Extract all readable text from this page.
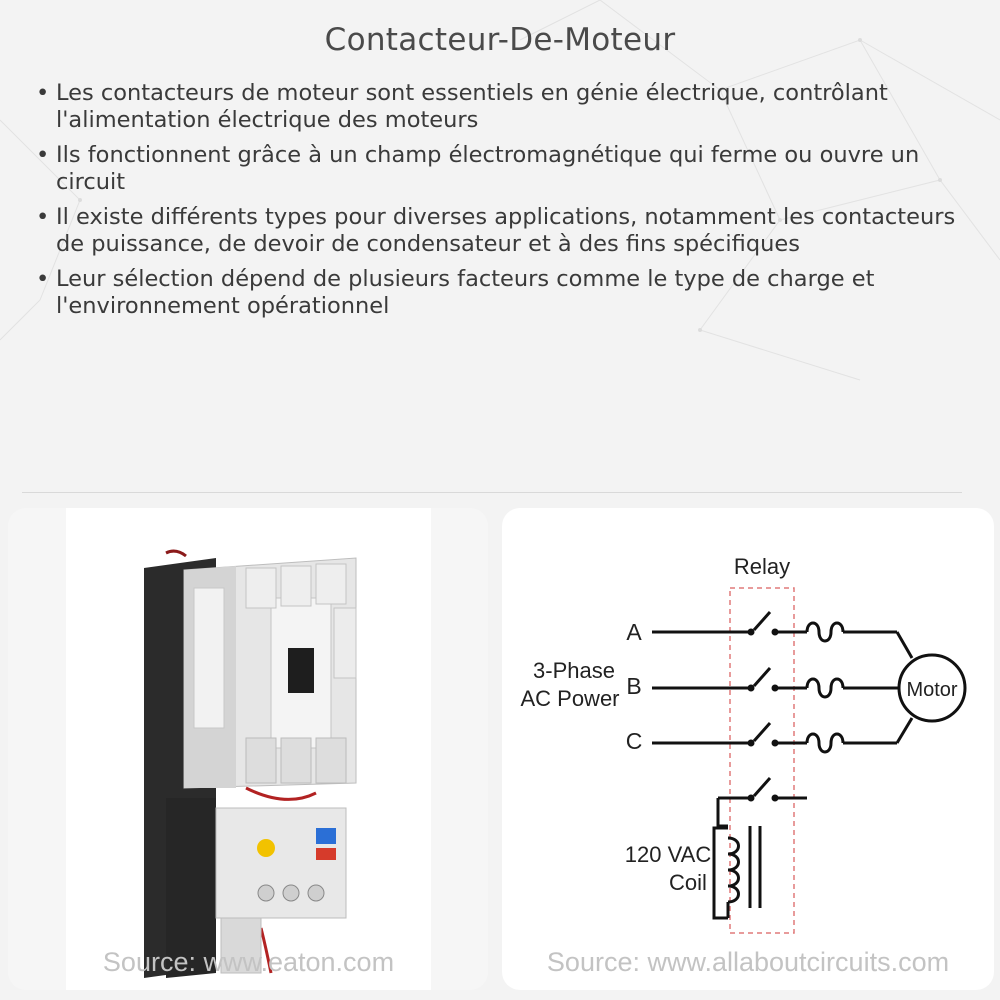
Contacteur-De-Moteur
• Les contacteurs de moteur sont essentiels en génie électrique, contrôlant l'alimentation électrique des moteurs
• Ils fonctionnent grâce à un champ électromagnétique qui ferme ou ouvre un circuit
• Il existe différents types pour diverses applications, notamment les contacteurs de puissance, de devoir de condensateur et à des fins spécifiques
• Leur sélection dépend de plusieurs facteurs comme le type de charge et l'environnement opérationnel
Source: www.eaton.com
Relay
3-Phase
AC Power
A
B
C
Motor
120 VAC
Coil
Source: www.allaboutcircuits.com
